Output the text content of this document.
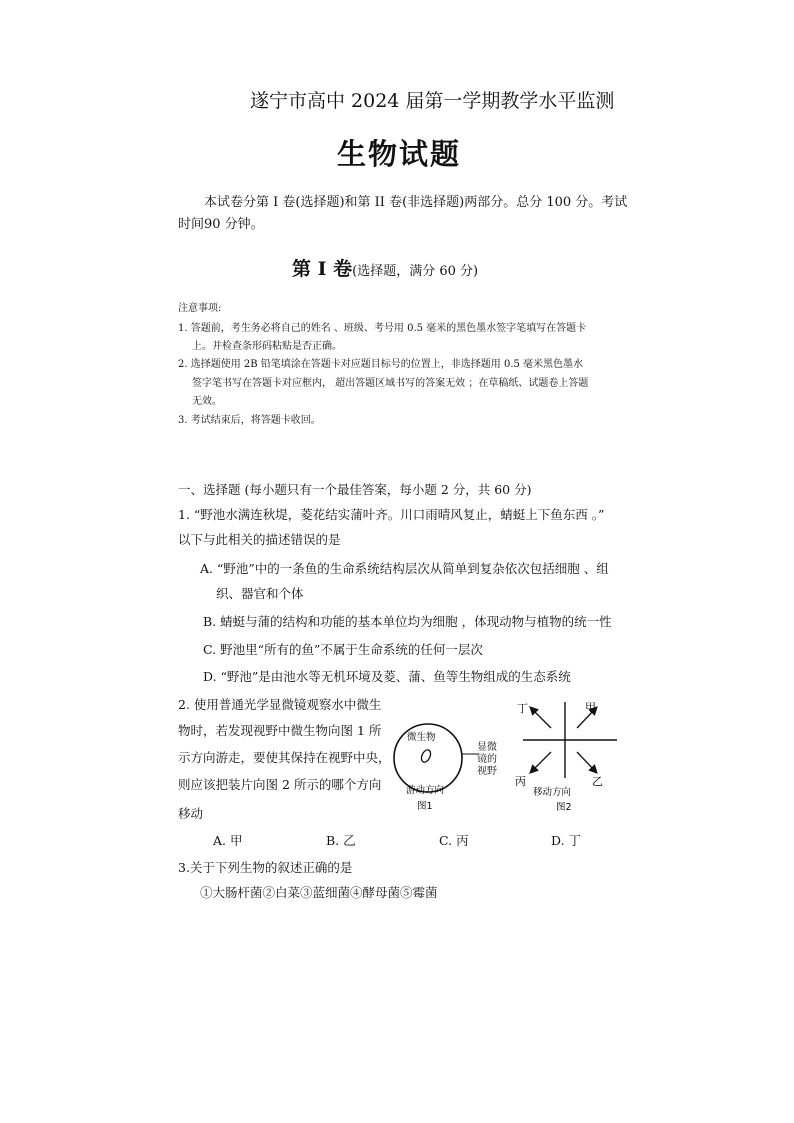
遂宁市高中 2024 届第一学期教学水平监测
生物试题
本试卷分第 I 卷(选择题)和第 II 卷(非选择题)两部分。总分 100 分。考试时间90 分钟。
第 Ⅰ 卷(选择题，满分 60 分)
注意事项:
1. 答题前，考生务必将自己的姓名 、班级、考号用 0.5 毫米的黑色墨水签字笔填写在答题卡
上。并检查条形码粘贴是否正确。
2. 选择题使用 2B 铅笔填涂在答题卡对应题目标号的位置上，非选择题用 0.5 毫米黑色墨水
签字笔书写在答题卡对应框内， 超出答题区域书写的答案无效 ；在草稿纸、试题卷上答题
无效。
3. 考试结束后，将答题卡收回。
一、选择题 (每小题只有一个最佳答案，每小题 2 分，共 60 分)
1. “野池水满连秋堤，菱花结实蒲叶齐。川口雨晴风复止，蜻蜓上下鱼东西 。”
以下与此相关的描述错误的是
A. “野池”中的一条鱼的生命系统结构层次从简单到复杂依次包括细胞 、组
织、器官和个体
B. 蜻蜓与蒲的结构和功能的基本单位均为细胞 ，体现动物与植物的统一性
C. 野池里“所有的鱼”不属于生命系统的任何一层次
D. “野池”是由池水等无机环境及菱、蒲、鱼等生物组成的生态系统
2. 使用普通光学显微镜观察水中微生
物时，若发现视野中微生物向图 1 所
示方向游走，要使其保持在视野中央，
则应该把装片向图 2 所示的哪个方向
移动
微生物
游动方向
图1
显微
镜的
视野
丁	甲
丙	乙
移动方向
图2
A. 甲	B. 乙	C. 丙	D. 丁
3.关于下列生物的叙述正确的是
①大肠杆菌②白菜③蓝细菌④酵母菌⑤霉菌
